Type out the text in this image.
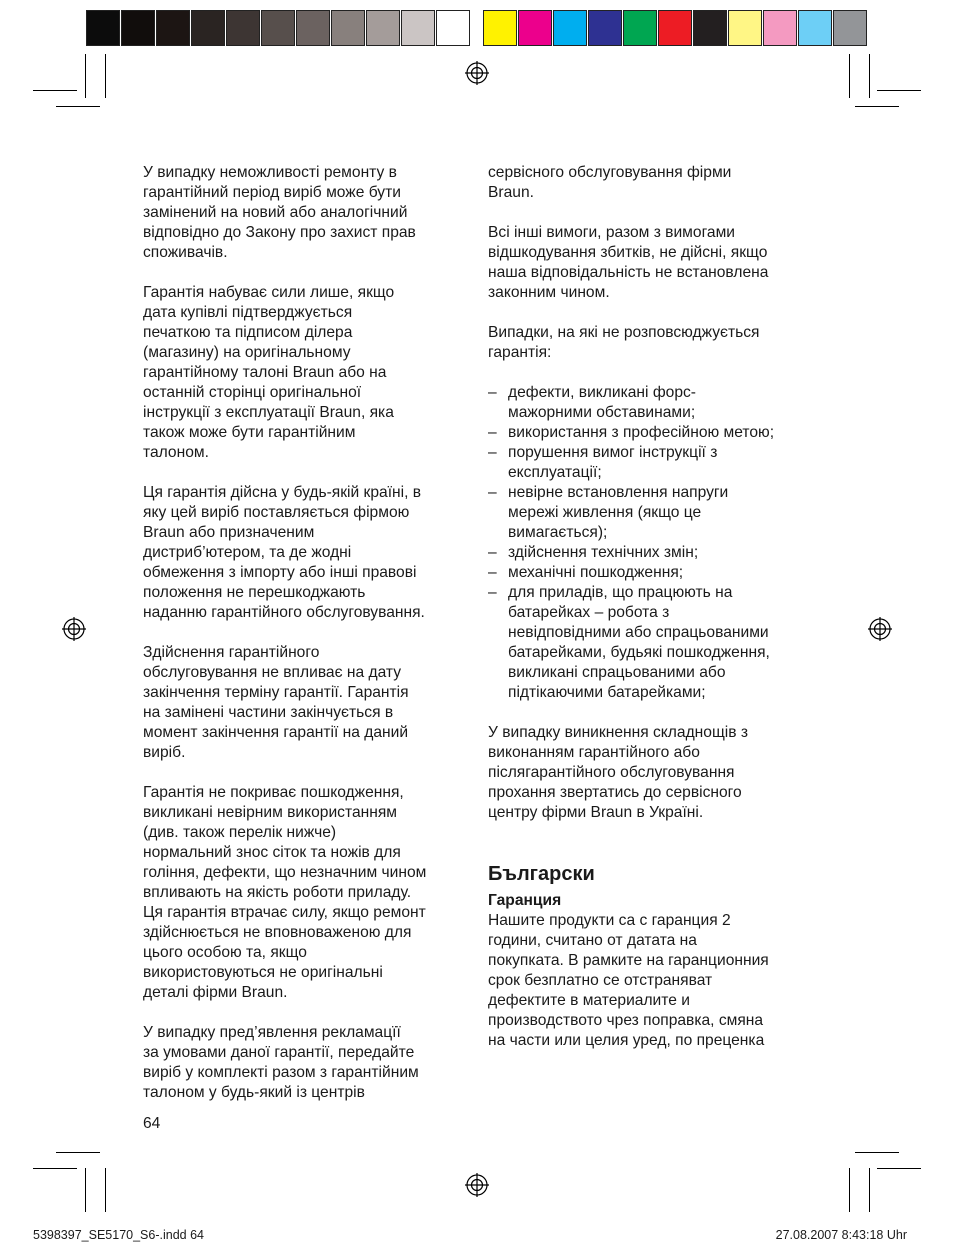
У випадку неможливості ремонту в
гарантійний період виріб може бути
замінений на новий або аналогічний
відповідно до Закону про захист прав
споживачів.

Гарантія набуває сили лише, якщо
дата купівлі підтверджується
печаткою та підписом ділера
(магазину) на оригінальному
гарантійному талоні Braun або на
останній сторінці оригінальної
інструкції з експлуатації Braun, яка
також може бути гарантійним
талоном.

Ця гарантія дійсна у будь-якій країні, в
яку цей виріб поставляється фірмою
Braun або призначеним
дистриб’ютером, та де жодні
обмеження з імпорту або інші правові
положення не перешкоджають
наданню гарантійного обслуговування.

Здійснення гарантійного
обслуговування не впливає на дату
закінчення терміну гарантії. Гарантія
на замінені частини закінчується в
момент закінчення гарантії на даний
виріб.

Гарантія не покриває пошкодження,
викликані невірним використанням
(див. також перелік нижче)
нормальний знос сіток та ножів для
гоління, дефекти, що незначним чином
впливають на якість роботи приладу.
Ця гарантія втрачає силу, якщо ремонт
здійснюється не вповноваженою для
цього особою та, якщо
використовуються не оригінальні
деталі фірми Braun.

У випадку пред’явлення рекламацїї
за умовами даної гарантії, передайте
виріб у комплекті разом з гарантійним
талоном у будь-який із центрів

сервісного обслуговування фірми
Braun.

Всі інші вимоги, разом з вимогами
відшкодування збитків, не дійсні, якщо
наша відповідальність не встановлена
законним чином.

Випадки, на які не розповсюджується
гарантія:

– дефекти, викликані форс-
мажорними обставинами;
– використання з професійною метою;
– порушення вимог інструкції з
експлуатації;
– невірне встановлення напруги
мережі живлення (якщо це
вимагається);
– здійснення технічних змін;
– механічні пошкодження;
– для приладів, що працюють на
батарейках – робота з
невідповідними або спрацьованими
батарейками, будьякі пошкодження,
викликані спрацьованими або
підтікаючими батарейками;

У випадку виникнення складнощів з
виконанням гарантійного або
післягарантійного обслуговування
прохання звертатись до сервісного
центру фірми Braun в Україні.

Български

Гаранция

Нашите продукти са с гаранция 2
години, считано от датата на
покупката. В рамките на гаранционния
срок безплатно се отстраняват
дефектите в материалите и
производството чрез поправка, смяна
на части или целия уред, по преценка

64
5398397_SE5170_S6-.indd 64	27.08.2007 8:43:18 Uhr
